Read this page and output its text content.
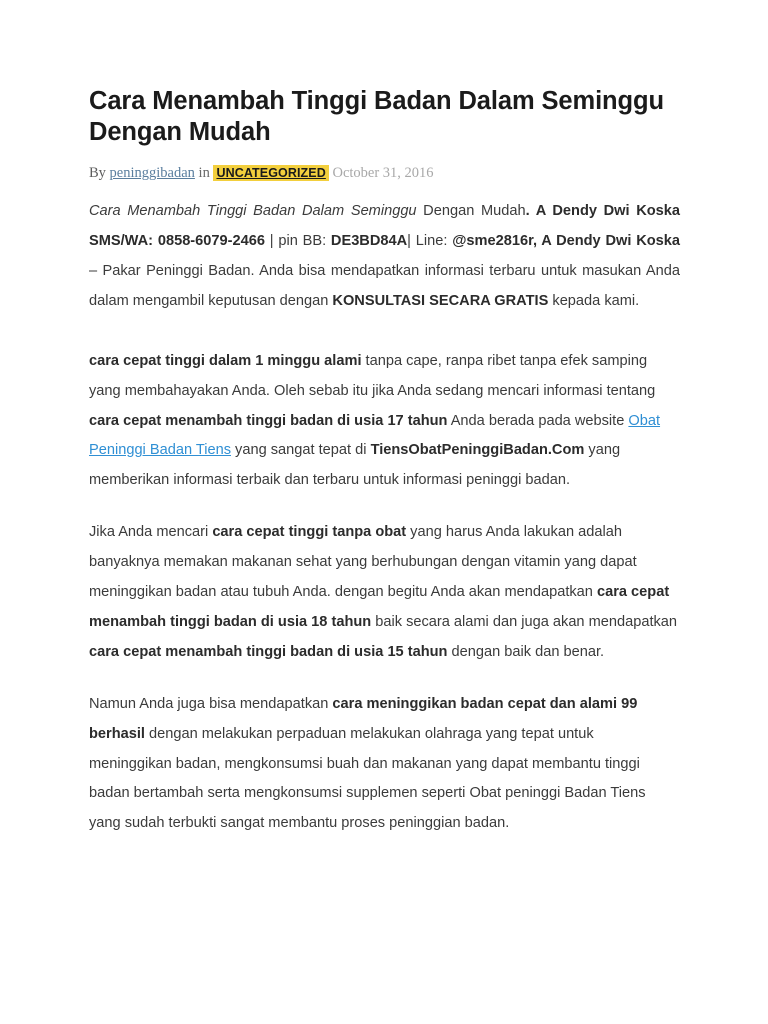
Cara Menambah Tinggi Badan Dalam Seminggu Dengan Mudah
By peninggibadan in UNCATEGORIZED October 31, 2016

Cara Menambah Tinggi Badan Dalam Seminggu Dengan Mudah. A Dendy Dwi Koska SMS/WA: 0858-6079-2466 | pin BB: DE3BD84A| Line: @sme2816r, A Dendy Dwi Koska – Pakar Peninggi Badan. Anda bisa mendapatkan informasi terbaru untuk masukan Anda dalam mengambil keputusan dengan KONSULTASI SECARA GRATIS kepada kami.

cara cepat tinggi dalam 1 minggu alami tanpa cape, ranpa ribet tanpa efek samping yang membahayakan Anda. Oleh sebab itu jika Anda sedang mencari informasi tentang cara cepat menambah tinggi badan di usia 17 tahun Anda berada pada website Obat Peninggi Badan Tiens yang sangat tepat di TiensObatPeninggiBadan.Com yang memberikan informasi terbaik dan terbaru untuk informasi peninggi badan.

Jika Anda mencari cara cepat tinggi tanpa obat yang harus Anda lakukan adalah banyaknya memakan makanan sehat yang berhubungan dengan vitamin yang dapat meninggikan badan atau tubuh Anda. dengan begitu Anda akan mendapatkan cara cepat menambah tinggi badan di usia 18 tahun baik secara alami dan juga akan mendapatkan cara cepat menambah tinggi badan di usia 15 tahun dengan baik dan benar.

Namun Anda juga bisa mendapatkan cara meninggikan badan cepat dan alami 99 berhasil dengan melakukan perpaduan melakukan olahraga yang tepat untuk meninggikan badan, mengkonsumsi buah dan makanan yang dapat membantu tinggi badan bertambah serta mengkonsumsi supplemen seperti Obat peninggi Badan Tiens yang sudah terbukti sangat membantu proses peninggian badan.
